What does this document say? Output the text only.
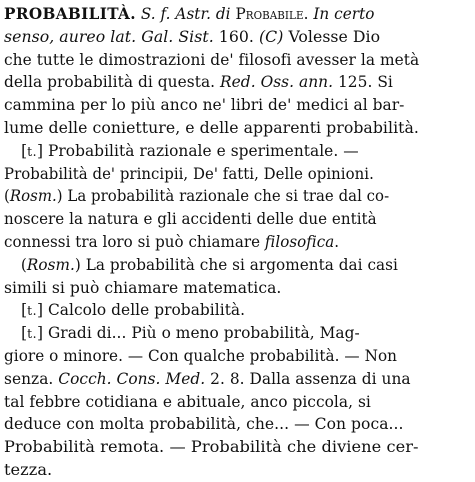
PROBABILITÀ. S. f. Astr. di Probabile. In certo
senso, aureo lat. Gal. Sist. 160. (C) Volesse Dio
che tutte le dimostrazioni de' filosofi avesser la metà
della probabilità di questa. Red. Oss. ann. 125. Si
cammina per lo più anco ne' libri de' medici al bar-
lume delle conietture, e delle apparenti probabilità.
[t.] Probabilità razionale e sperimentale. —
Probabilità de' principii, De' fatti, Delle opinioni.
(Rosm.) La probabilità razionale che si trae dal co-
noscere la natura e gli accidenti delle due entità
connessi tra loro si può chiamare filosofica.
(Rosm.) La probabilità che si argomenta dai casi
simili si può chiamare matematica.
[t.] Calcolo delle probabilità.
[t.] Gradi di... Più o meno probabilità, Mag-
giore o minore. — Con qualche probabilità. — Non
senza. Cocch. Cons. Med. 2. 8. Dalla assenza di una
tal febbre cotidiana e abituale, anco piccola, si
deduce con molta probabilità, che... — Con poca...
Probabilità remota. — Probabilità che diviene cer-
tezza.
